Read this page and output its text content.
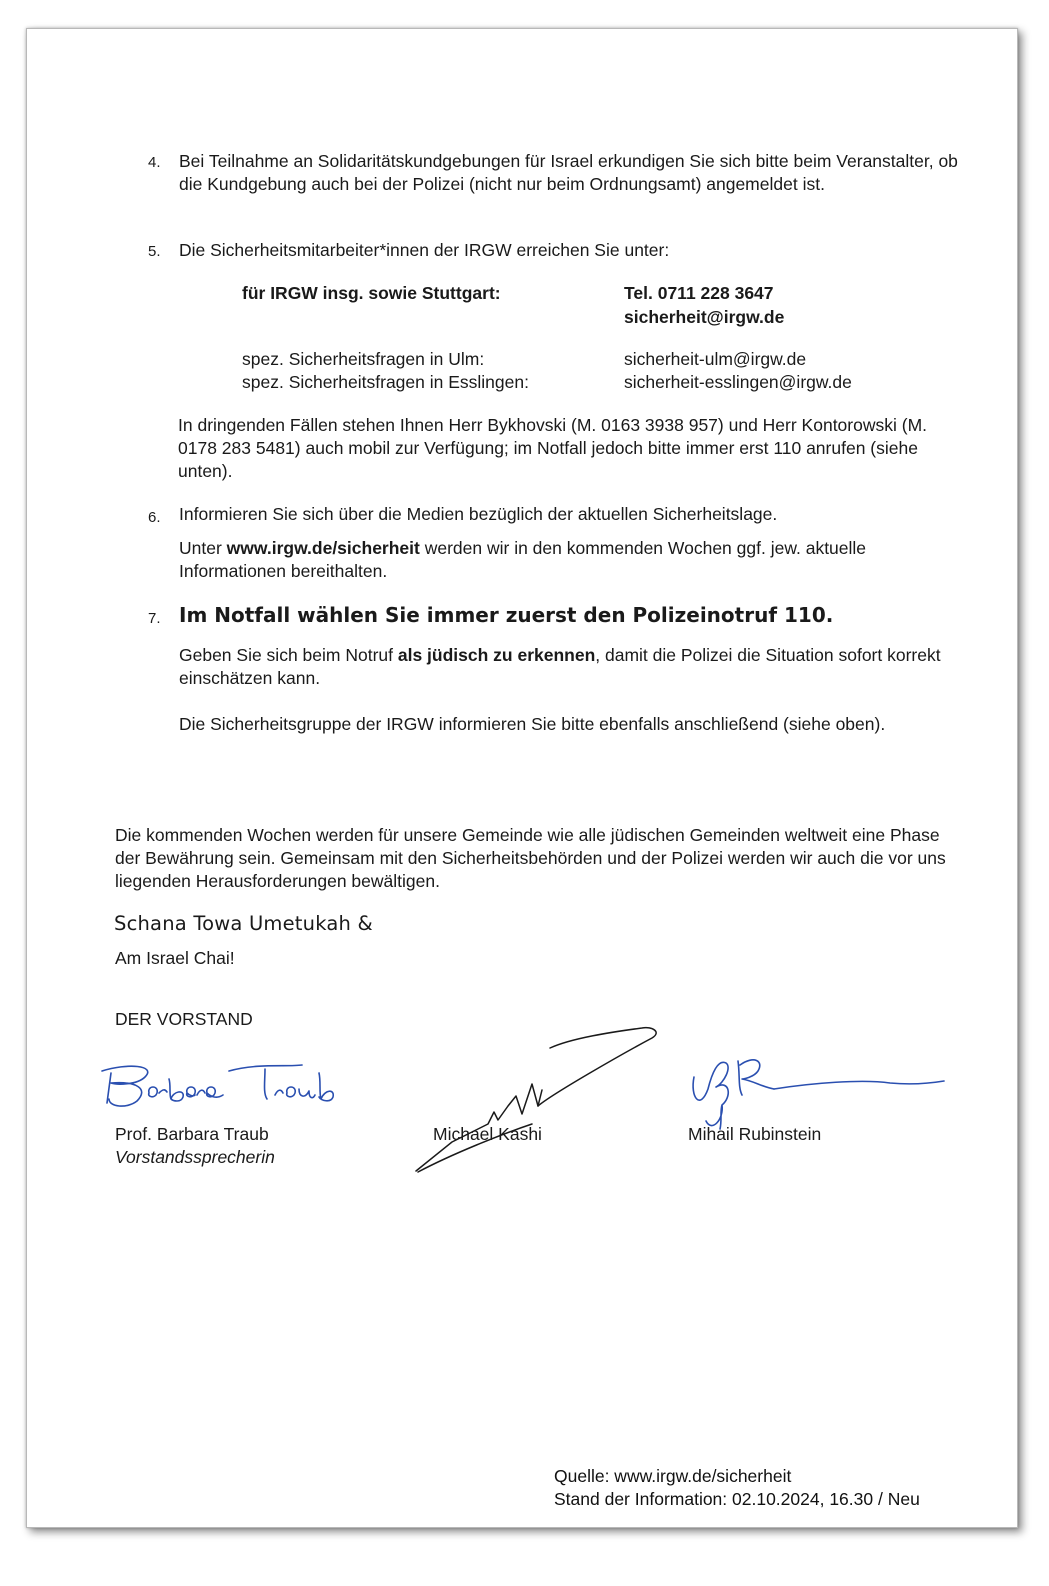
4. Bei Teilnahme an Solidaritätskundgebungen für Israel erkundigen Sie sich bitte beim Veranstalter, ob die Kundgebung auch bei der Polizei (nicht nur beim Ordnungsamt) angemeldet ist.

5. Die Sicherheitsmitarbeiter*innen der IRGW erreichen Sie unter:

für IRGW insg. sowie Stuttgart:	Tel. 0711 228 3647
sicherheit@irgw.de
spez. Sicherheitsfragen in Ulm:	sicherheit-ulm@irgw.de
spez. Sicherheitsfragen in Esslingen:	sicherheit-esslingen@irgw.de

In dringenden Fällen stehen Ihnen Herr Bykhovski (M. 0163 3938 957) und Herr Kontorowski (M. 0178 283 5481) auch mobil zur Verfügung; im Notfall jedoch bitte immer erst 110 anrufen (siehe unten).

6. Informieren Sie sich über die Medien bezüglich der aktuellen Sicherheitslage.

Unter www.irgw.de/sicherheit werden wir in den kommenden Wochen ggf. jew. aktuelle Informationen bereithalten.

7. Im Notfall wählen Sie immer zuerst den Polizeinotruf 110.

Geben Sie sich beim Notruf als jüdisch zu erkennen, damit die Polizei die Situation sofort korrekt einschätzen kann.

Die Sicherheitsgruppe der IRGW informieren Sie bitte ebenfalls anschließend (siehe oben).

Die kommenden Wochen werden für unsere Gemeinde wie alle jüdischen Gemeinden weltweit eine Phase der Bewährung sein. Gemeinsam mit den Sicherheitsbehörden und der Polizei werden wir auch die vor uns liegenden Herausforderungen bewältigen.

Schana Towa Umetukah &
Am Israel Chai!
DER VORSTAND
Prof. Barbara Traub
Vorstandssprecherin
Michael Kashi	Mihail Rubinstein
Quelle: www.irgw.de/sicherheit
Stand der Information: 02.10.2024, 16.30 / Neu
